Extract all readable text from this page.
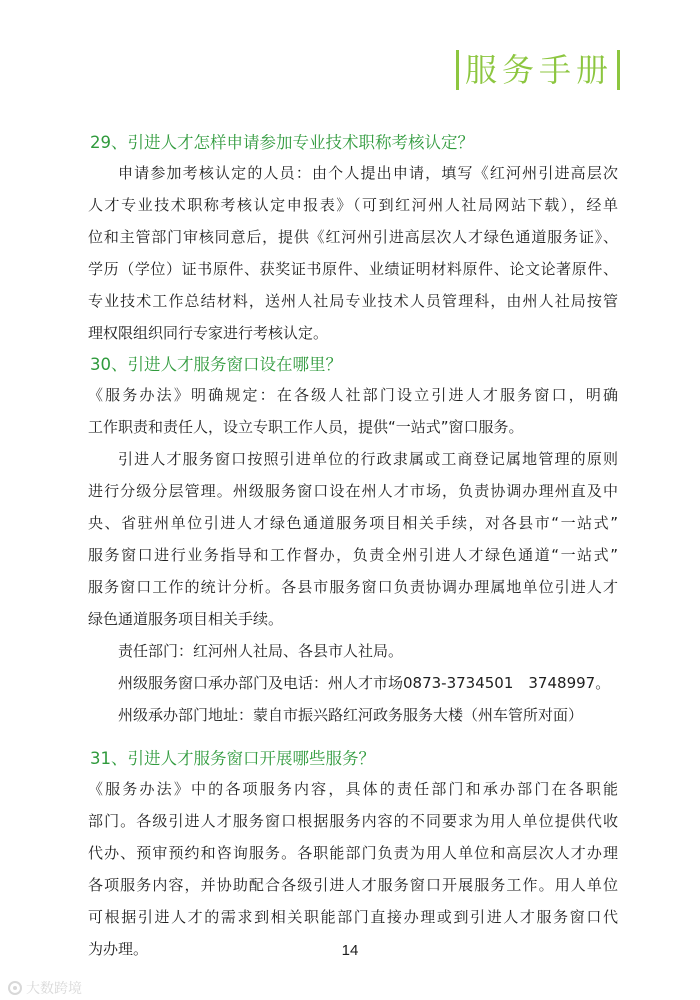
服务手册
29、引进人才怎样申请参加专业技术职称考核认定？
申请参加考核认定的人员：由个人提出申请，填写《红河州引进高层次
人才专业技术职称考核认定申报表》（可到红河州人社局网站下载），经单
位和主管部门审核同意后，提供《红河州引进高层次人才绿色通道服务证》、
学历（学位）证书原件、获奖证书原件、业绩证明材料原件、论文论著原件、
专业技术工作总结材料，送州人社局专业技术人员管理科，由州人社局按管
理权限组织同行专家进行考核认定。
30、引进人才服务窗口设在哪里？
《服务办法》明确规定：在各级人社部门设立引进人才服务窗口，明确
工作职责和责任人，设立专职工作人员，提供“一站式”窗口服务。
引进人才服务窗口按照引进单位的行政隶属或工商登记属地管理的原则
进行分级分层管理。州级服务窗口设在州人才市场，负责协调办理州直及中
央、省驻州单位引进人才绿色通道服务项目相关手续，对各县市“一站式”
服务窗口进行业务指导和工作督办，负责全州引进人才绿色通道“一站式”
服务窗口工作的统计分析。各县市服务窗口负责协调办理属地单位引进人才
绿色通道服务项目相关手续。
责任部门：红河州人社局、各县市人社局。
州级服务窗口承办部门及电话：州人才市场0873-3734501　3748997。
州级承办部门地址：蒙自市振兴路红河政务服务大楼（州车管所对面）
31、引进人才服务窗口开展哪些服务？
《服务办法》中的各项服务内容，具体的责任部门和承办部门在各职能
部门。各级引进人才服务窗口根据服务内容的不同要求为用人单位提供代收
代办、预审预约和咨询服务。各职能部门负责为用人单位和高层次人才办理
各项服务内容，并协助配合各级引进人才服务窗口开展服务工作。用人单位
可根据引进人才的需求到相关职能部门直接办理或到引进人才服务窗口代
为办理。	14
大数跨境
